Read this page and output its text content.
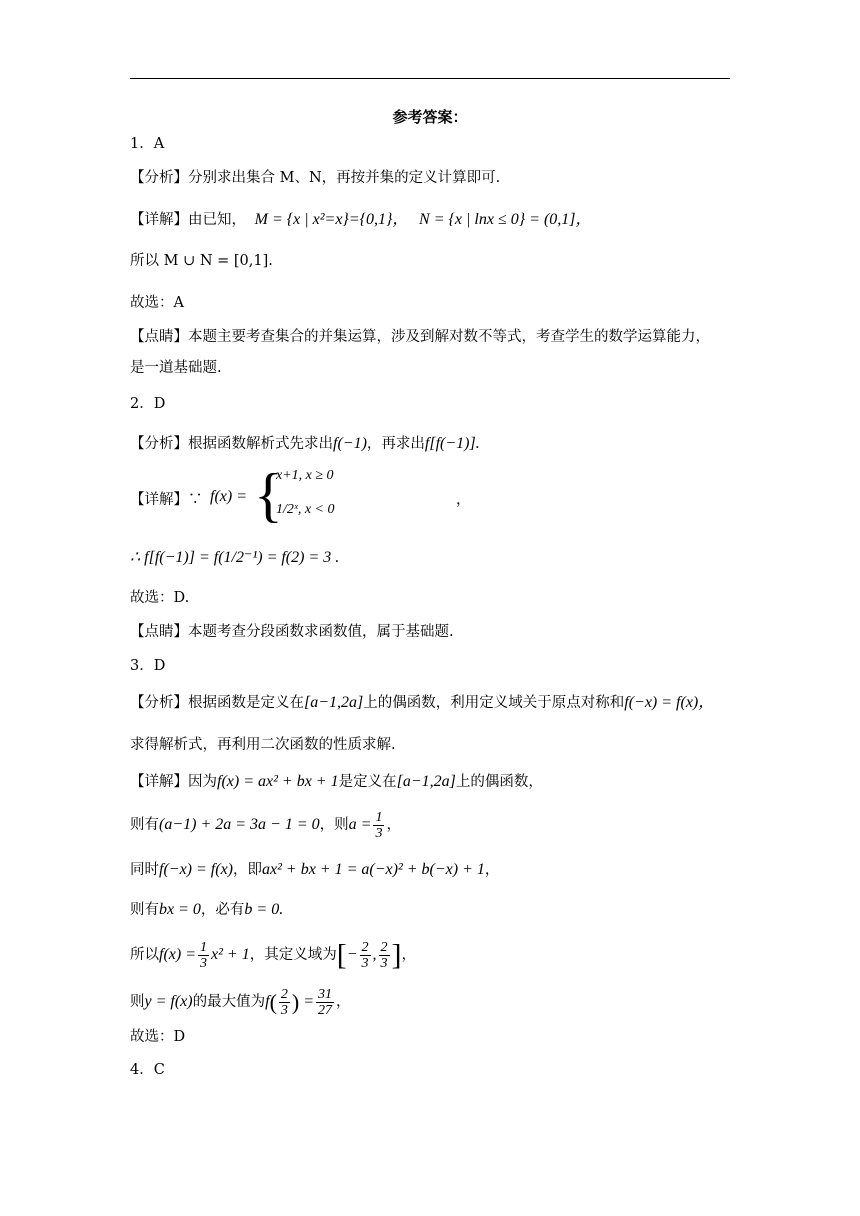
参考答案：
1．A
【分析】分别求出集合 M、N，再按并集的定义计算即可.
【详解】由已知， M = {x | x²=x}={0,1}， N = {x | lnx ≤ 0} = (0,1]，
所以 M ∪ N = [0,1].
故选：A
【点睛】本题主要考查集合的并集运算，涉及到解对数不等式，考查学生的数学运算能力，
是一道基础题.
2．D
【分析】根据函数解析式先求出f(−1)，再求出f[f(−1)].
【详解】∵ f(x) = {
x+1, x ≥ 0
1/2ˣ, x < 0
，
∴ f[f(−1)] = f(1/2⁻¹) = f(2) = 3 .
故选：D.
【点睛】本题考查分段函数求函数值，属于基础题.
3．D
【分析】根据函数是定义在[a−1,2a]上的偶函数，利用定义域关于原点对称和f(−x) = f(x)，
求得解析式，再利用二次函数的性质求解.
【详解】因为f(x) = ax² + bx + 1是定义在[a−1,2a]上的偶函数，
则有(a−1) + 2a = 3a − 1 = 0，则$a = \frac{1}{3}$ ，
同时f(−x) = f(x)，即ax² + bx + 1 = a(−x)² + b(−x) + 1，
则有bx = 0，必有b = 0.
所以$f(x) = \frac{1}{3} x^2 + 1$，其定义域为[− $\frac{2}{3}$ , $\frac{2}{3}$ ]，
则y = f(x)的最大值为$f( \frac{2}{3}$ ) = $\frac{31}{27}$ ，
故选：D
4．C
